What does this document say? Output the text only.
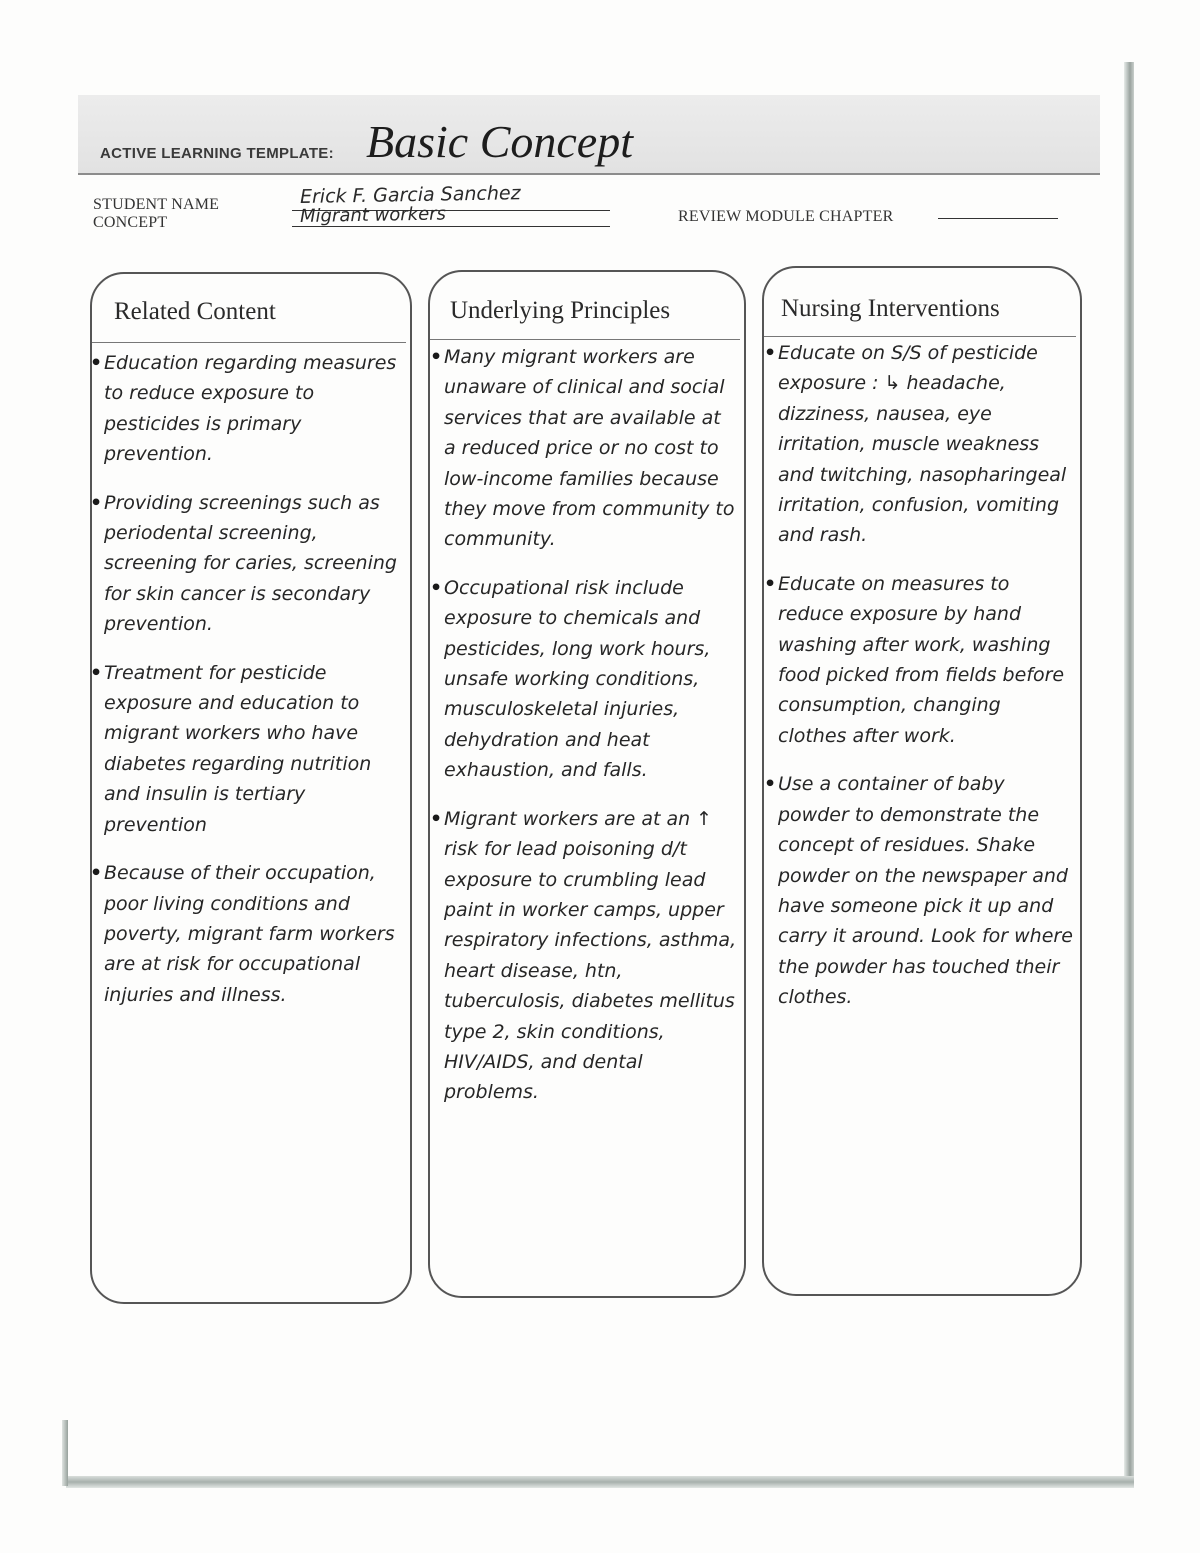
ACTIVE LEARNING TEMPLATE: Basic Concept
STUDENT NAME
CONCEPT
Erick F. Garcia Sanchez
Migrant workers	REVIEW MODULE CHAPTER
Related Content
• Education regarding measures to reduce exposure to pesticides is primary prevention.
• Providing screenings such as periodental screening, screening for caries, screening for skin cancer is secondary prevention.
• Treatment for pesticide exposure and education to migrant workers who have diabetes regarding nutrition and insulin is tertiary prevention
• Because of their occupation, poor living conditions and poverty, migrant farm workers are at risk for occupational injuries and illness.
Underlying Principles
• Many migrant workers are unaware of clinical and social services that are available at a reduced price or no cost to low-income families because they move from community to community.
• Occupational risk include exposure to chemicals and pesticides, long work hours, unsafe working conditions, musculoskeletal injuries, dehydration and heat exhaustion, and falls.
• Migrant workers are at an ↑ risk for lead poisoning d/t exposure to crumbling lead paint in worker camps, upper respiratory infections, asthma, heart disease, htn, tuberculosis, diabetes mellitus type 2, skin conditions, HIV/AIDS, and dental problems.
Nursing Interventions
• Educate on S/S of pesticide exposure : ↳ headache, dizziness, nausea, eye irritation, muscle weakness and twitching, nasopharingeal irritation, confusion, vomiting and rash.
• Educate on measures to reduce exposure by hand washing after work, washing food picked from fields before consumption, changing clothes after work.
• Use a container of baby powder to demonstrate the concept of residues. Shake powder on the newspaper and have someone pick it up and carry it around. Look for where the powder has touched their clothes.
